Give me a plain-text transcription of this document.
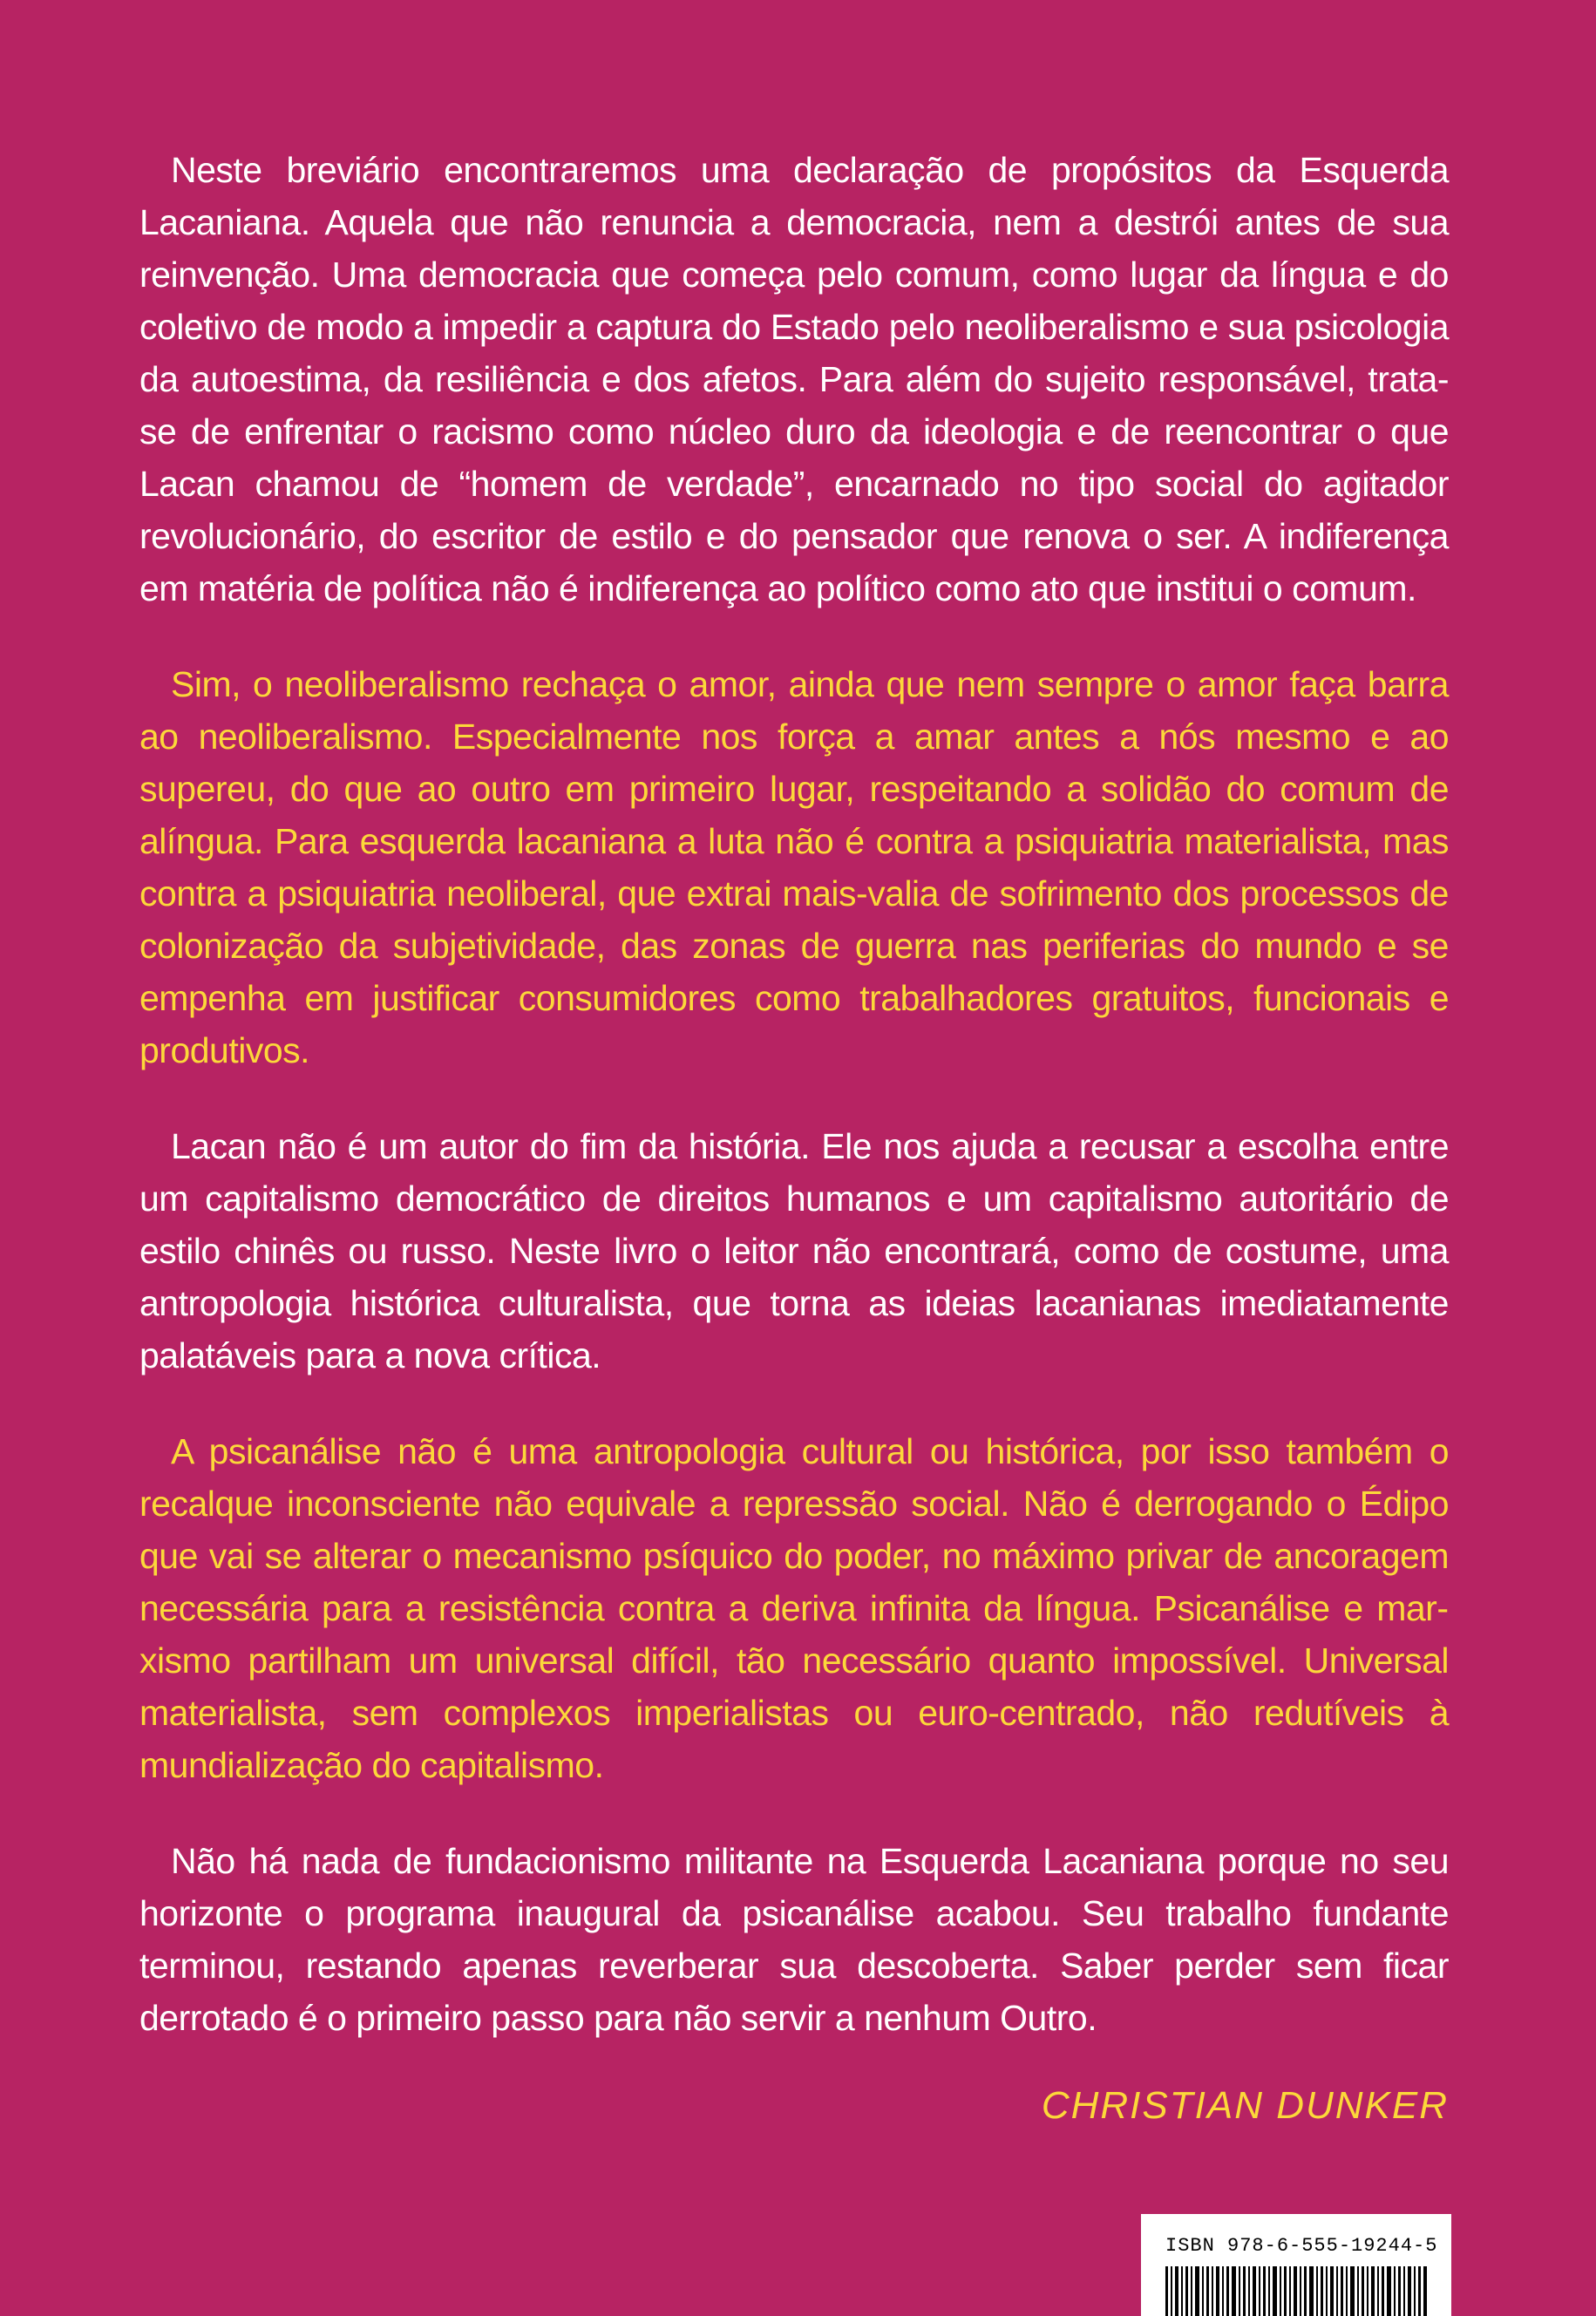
Neste breviário encontraremos uma declaração de propósitos da Esquerda Lacaniana. Aquela que não renuncia a democracia, nem a destrói antes de sua reinvenção. Uma democracia que começa pelo comum, como lugar da língua e do coletivo de modo a impedir a captura do Estado pelo neoliberalismo e sua psicologia da autoestima, da resiliência e dos afetos. Para além do sujeito responsável, trata-se de enfrentar o racismo como núcleo duro da ideologia e de reencontrar o que Lacan chamou de “homem de verdade”, encarnado no tipo social do agitador revolucionário, do escritor de estilo e do pensador que renova o ser. A indiferença em matéria de política não é indiferença ao político como ato que institui o comum.

Sim, o neoliberalismo rechaça o amor, ainda que nem sempre o amor faça barra ao neoliberalismo. Especialmente nos força a amar antes a nós mesmo e ao supereu, do que ao outro em primeiro lugar, respeitando a solidão do comum de alíngua. Para esquerda lacaniana a luta não é contra a psiquiatria materialista, mas contra a psiquiatria neoliberal, que extrai mais-valia de sofrimento dos processos de colonização da subjetividade, das zonas de guerra nas periferias do mundo e se empenha em justificar consumidores como trabalhadores gratuitos, funcionais e produtivos.

Lacan não é um autor do fim da história. Ele nos ajuda a recusar a escolha entre um capitalismo democrático de direitos humanos e um capitalismo autoritário de estilo chinês ou russo. Neste livro o leitor não encontrará, como de costume, uma antropologia histórica culturalista, que torna as ideias lacanianas imediatamente palatáveis para a nova crítica.

A psicanálise não é uma antropologia cultural ou histórica, por isso também o recalque inconsciente não equivale a repressão social. Não é derrogando o Édipo que vai se alterar o mecanismo psíquico do poder, no máximo privar de ancoragem necessária para a resistência contra a deriva infinita da língua. Psicanálise e marxismo partilham um universal difícil, tão necessário quanto impossível. Universal materialista, sem complexos imperialistas ou euro-centrado, não redutíveis à mundialização do capitalismo.

Não há nada de fundacionismo militante na Esquerda Lacaniana porque no seu horizonte o programa inaugural da psicanálise acabou. Seu trabalho fundante terminou, restando apenas reverberar sua descoberta. Saber perder sem ficar derrotado é o primeiro passo para não servir a nenhum Outro.

CHRISTIAN DUNKER

ISBN 978-6-555-19244-5
